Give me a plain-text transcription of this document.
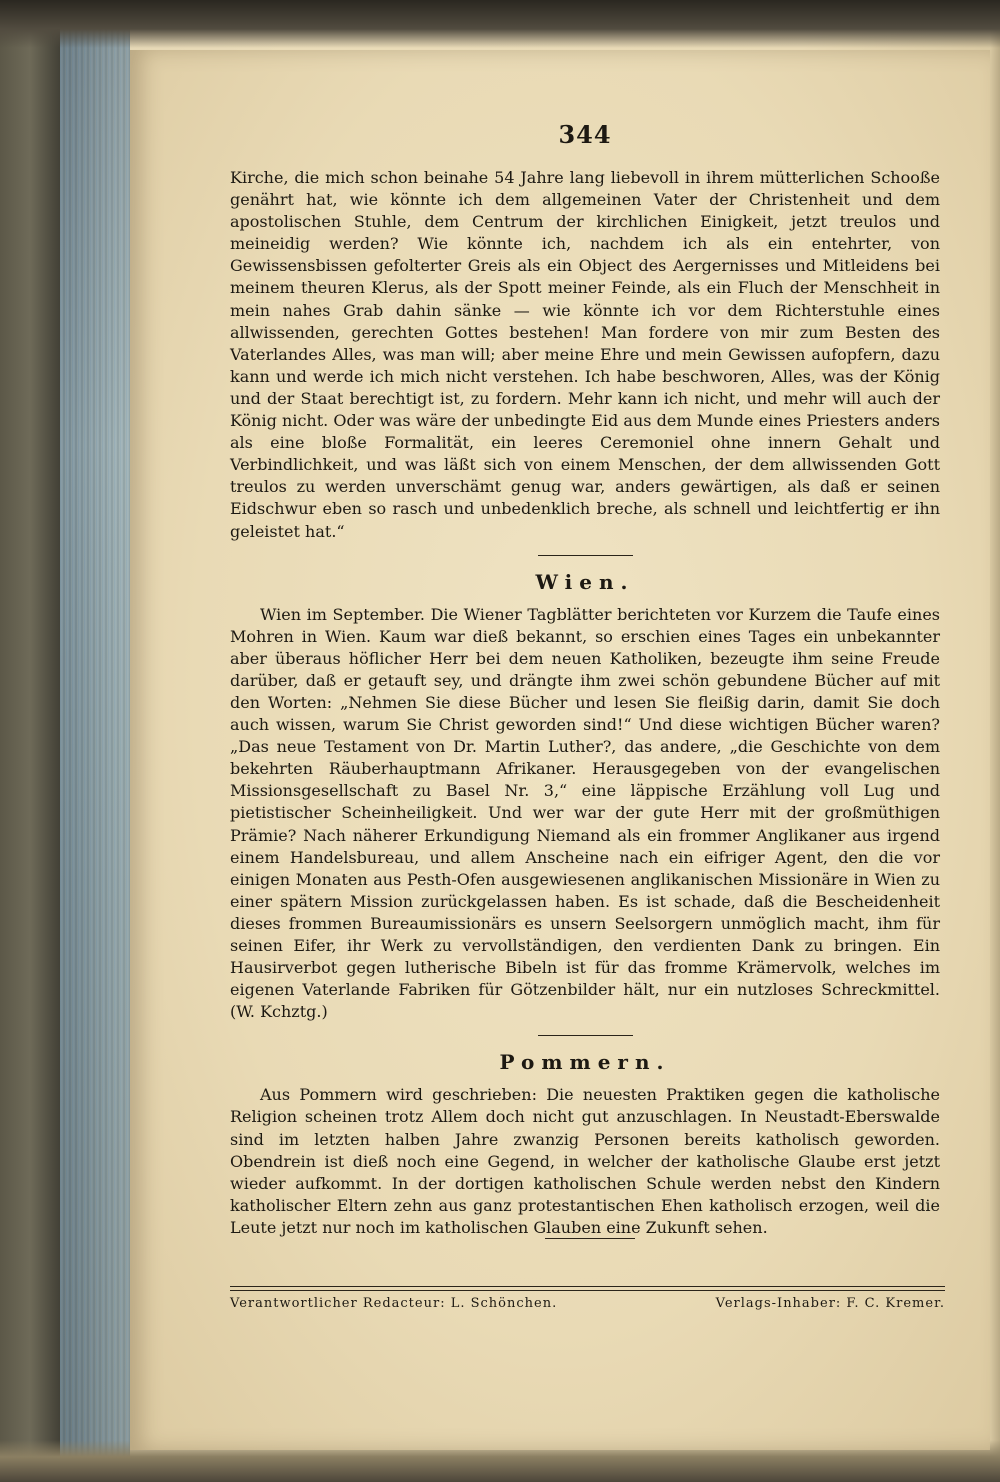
344

Kirche, die mich schon beinahe 54 Jahre lang liebevoll in ihrem mütterlichen Schooße genährt hat, wie könnte ich dem allgemeinen Vater der Christenheit und dem apostolischen Stuhle, dem Centrum der kirchlichen Einigkeit, jetzt treulos und meineidig werden? Wie könnte ich, nachdem ich als ein entehrter, von Gewissensbissen gefolterter Greis als ein Object des Aergernisses und Mitleidens bei meinem theuren Klerus, als der Spott meiner Feinde, als ein Fluch der Menschheit in mein nahes Grab dahin sänke — wie könnte ich vor dem Richterstuhle eines allwissenden, gerechten Gottes bestehen! Man fordere von mir zum Besten des Vaterlandes Alles, was man will; aber meine Ehre und mein Gewissen aufopfern, dazu kann und werde ich mich nicht verstehen. Ich habe beschworen, Alles, was der König und der Staat berechtigt ist, zu fordern. Mehr kann ich nicht, und mehr will auch der König nicht. Oder was wäre der unbedingte Eid aus dem Munde eines Priesters anders als eine bloße Formalität, ein leeres Ceremoniel ohne innern Gehalt und Verbindlichkeit, und was läßt sich von einem Menschen, der dem allwissenden Gott treulos zu werden unverschämt genug war, anders gewärtigen, als daß er seinen Eidschwur eben so rasch und unbedenklich breche, als schnell und leichtfertig er ihn geleistet hat.“

Wien.

Wien im September. Die Wiener Tagblätter berichteten vor Kurzem die Taufe eines Mohren in Wien. Kaum war dieß bekannt, so erschien eines Tages ein unbekannter aber überaus höflicher Herr bei dem neuen Katholiken, bezeugte ihm seine Freude darüber, daß er getauft sey, und drängte ihm zwei schön gebundene Bücher auf mit den Worten: „Nehmen Sie diese Bücher und lesen Sie fleißig darin, damit Sie doch auch wissen, warum Sie Christ geworden sind!“ Und diese wichtigen Bücher waren? „Das neue Testament von Dr. Martin Luther?, das andere, „die Geschichte von dem bekehrten Räuberhauptmann Afrikaner. Herausgegeben von der evangelischen Missionsgesellschaft zu Basel Nr. 3,“ eine läppische Erzählung voll Lug und pietistischer Scheinheiligkeit. Und wer war der gute Herr mit der großmüthigen Prämie? Nach näherer Erkundigung Niemand als ein frommer Anglikaner aus irgend einem Handelsbureau, und allem Anscheine nach ein eifriger Agent, den die vor einigen Monaten aus Pesth-Ofen ausgewiesenen anglikanischen Missionäre in Wien zu einer spätern Mission zurückgelassen haben. Es ist schade, daß die Bescheidenheit dieses frommen Bureaumissionärs es unsern Seelsorgern unmöglich macht, ihm für seinen Eifer, ihr Werk zu vervollständigen, den verdienten Dank zu bringen. Ein Hausirverbot gegen lutherische Bibeln ist für das fromme Krämervolk, welches im eigenen Vaterlande Fabriken für Götzenbilder hält, nur ein nutzloses Schreckmittel. (W. Kchztg.)

Pommern.

Aus Pommern wird geschrieben: Die neuesten Praktiken gegen die katholische Religion scheinen trotz Allem doch nicht gut anzuschlagen. In Neustadt-Eberswalde sind im letzten halben Jahre zwanzig Personen bereits katholisch geworden. Obendrein ist dieß noch eine Gegend, in welcher der katholische Glaube erst jetzt wieder aufkommt. In der dortigen katholischen Schule werden nebst den Kindern katholischer Eltern zehn aus ganz protestantischen Ehen katholisch erzogen, weil die Leute jetzt nur noch im katholischen Glauben eine Zukunft sehen.

Verantwortlicher Redacteur: L. Schönchen.	Verlags-Inhaber: F. C. Kremer.
